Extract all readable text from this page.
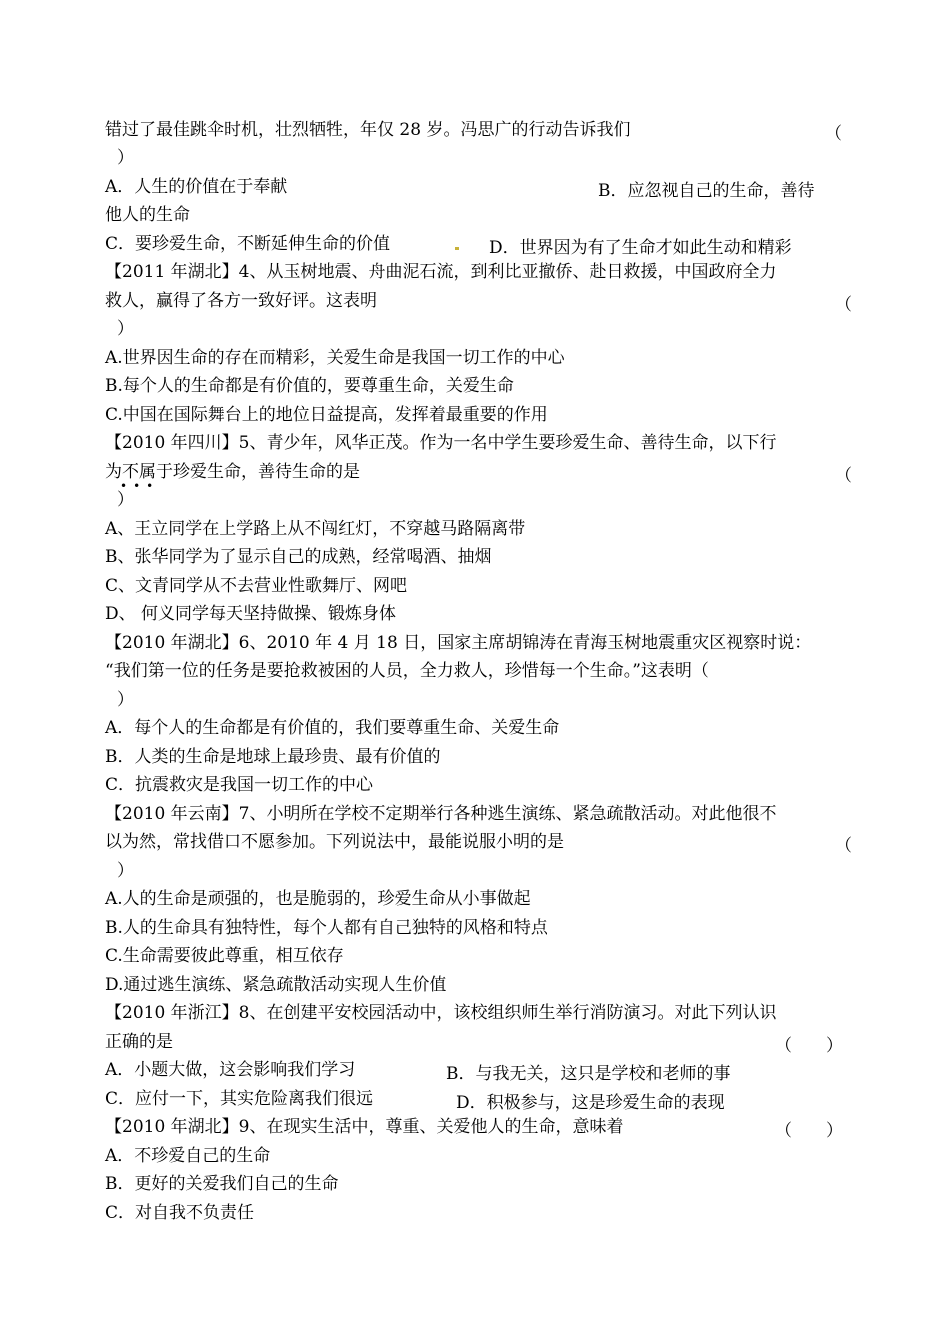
错过了最佳跳伞时机，壮烈牺牲，年仅 28 岁。冯思广的行动告诉我们	（
）
A．人生的价值在于奉献	B．应忽视自己的生命，善待
他人的生命
C．要珍爱生命，不断延伸生命的价值	D．世界因为有了生命才如此生动和精彩
【2011 年湖北】4、从玉树地震、舟曲泥石流，到利比亚撤侨、赴日救援，中国政府全力
救人，赢得了各方一致好评。这表明	（
）
A.世界因生命的存在而精彩，关爱生命是我国一切工作的中心
B.每个人的生命都是有价值的，要尊重生命，关爱生命
C.中国在国际舞台上的地位日益提高，发挥着最重要的作用
【2010 年四川】5、青少年，风华正茂。作为一名中学生要珍爱生命、善待生命，以下行
为不属于珍爱生命，善待生命的是
•••	（
）
A、王立同学在上学路上从不闯红灯，不穿越马路隔离带
B、张华同学为了显示自己的成熟，经常喝酒、抽烟
C、文青同学从不去营业性歌舞厅、网吧
D、 何义同学每天坚持做操、锻炼身体
【2010 年湖北】6、2010 年 4 月 18 日，国家主席胡锦涛在青海玉树地震重灾区视察时说：
“我们第一位的任务是要抢救被困的人员，全力救人，珍惜每一个生命。”这表明（
）
A．每个人的生命都是有价值的，我们要尊重生命、关爱生命
B．人类的生命是地球上最珍贵、最有价值的
C．抗震救灾是我国一切工作的中心
【2010 年云南】7、小明所在学校不定期举行各种逃生演练、紧急疏散活动。对此他很不
以为然，常找借口不愿参加。下列说法中，最能说服小明的是	（
）
A.人的生命是顽强的，也是脆弱的，珍爱生命从小事做起
B.人的生命具有独特性，每个人都有自己独特的风格和特点
C.生命需要彼此尊重，相互依存
D.通过逃生演练、紧急疏散活动实现人生价值
【2010 年浙江】8、在创建平安校园活动中，该校组织师生举行消防演习。对此下列认识
正确的是	（　　）
A．小题大做，这会影响我们学习	B．与我无关，这只是学校和老师的事
C．应付一下，其实危险离我们很远	D．积极参与，这是珍爱生命的表现
【2010 年湖北】9、在现实生活中，尊重、关爱他人的生命，意味着	（　　）
A．不珍爱自己的生命
B．更好的关爱我们自己的生命
C．对自我不负责任
